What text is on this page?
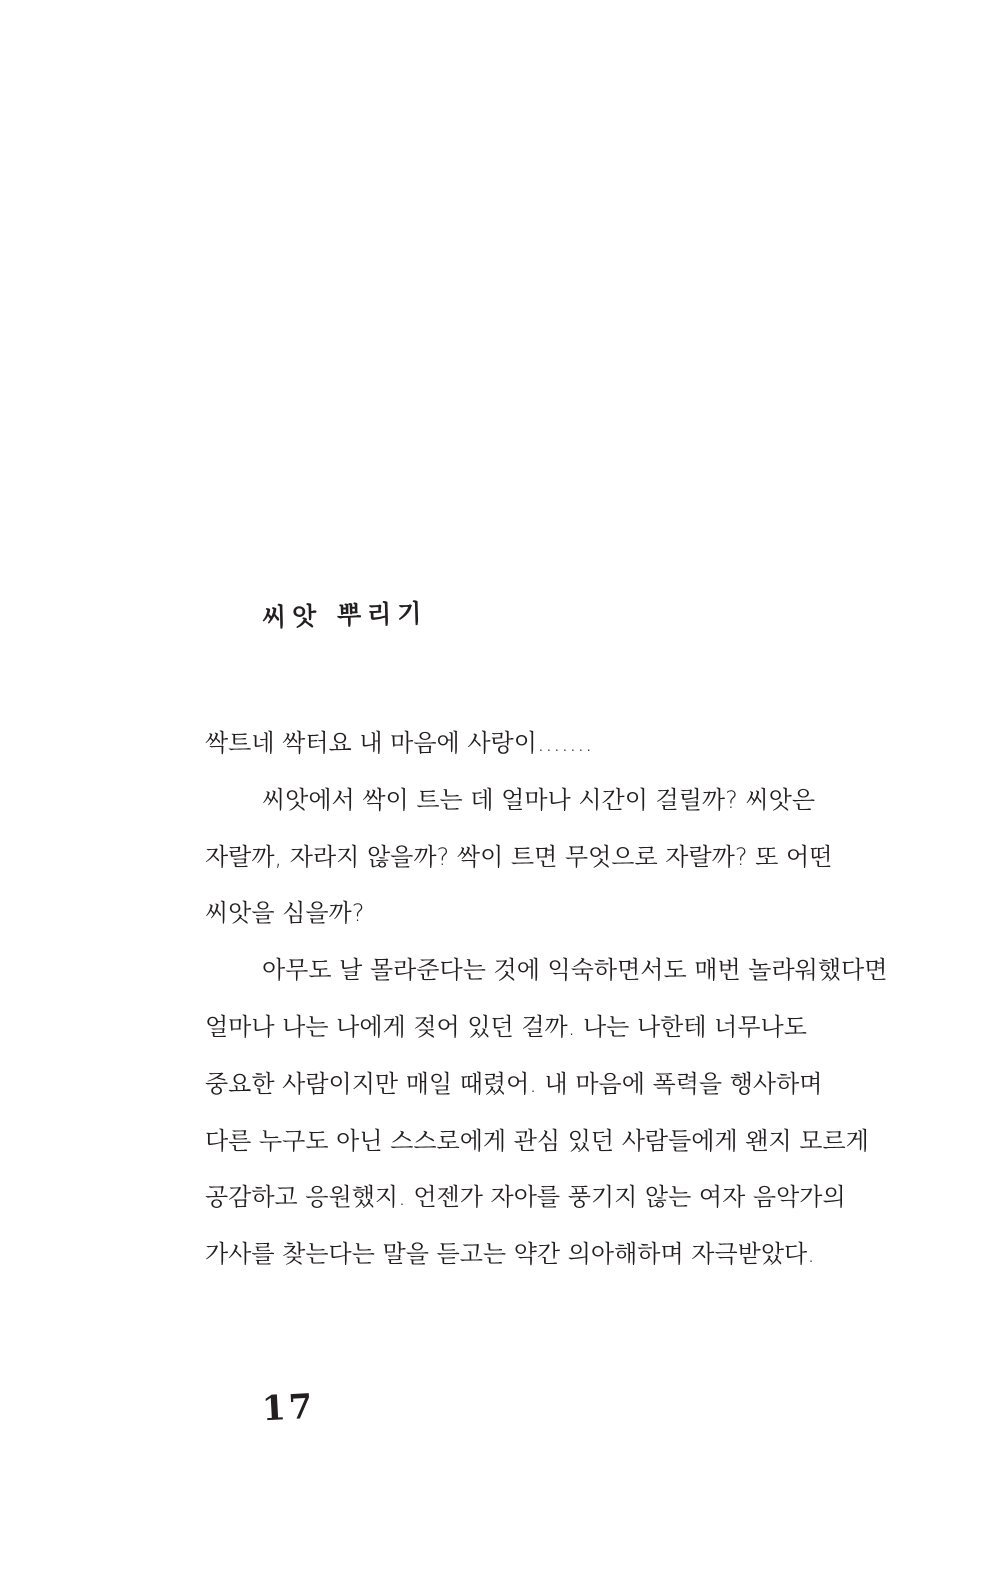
씨앗 뿌리기

싹트네 싹터요 내 마음에 사랑이…….

씨앗에서 싹이 트는 데 얼마나 시간이 걸릴까? 씨앗은
자랄까, 자라지 않을까? 싹이 트면 무엇으로 자랄까? 또 어떤
씨앗을 심을까?

아무도 날 몰라준다는 것에 익숙하면서도 매번 놀라워했다면
얼마나 나는 나에게 젖어 있던 걸까. 나는 나한테 너무나도
중요한 사람이지만 매일 때렸어. 내 마음에 폭력을 행사하며
다른 누구도 아닌 스스로에게 관심 있던 사람들에게 왠지 모르게
공감하고 응원했지. 언젠가 자아를 풍기지 않는 여자 음악가의
가사를 찾는다는 말을 듣고는 약간 의아해하며 자극받았다.

17
